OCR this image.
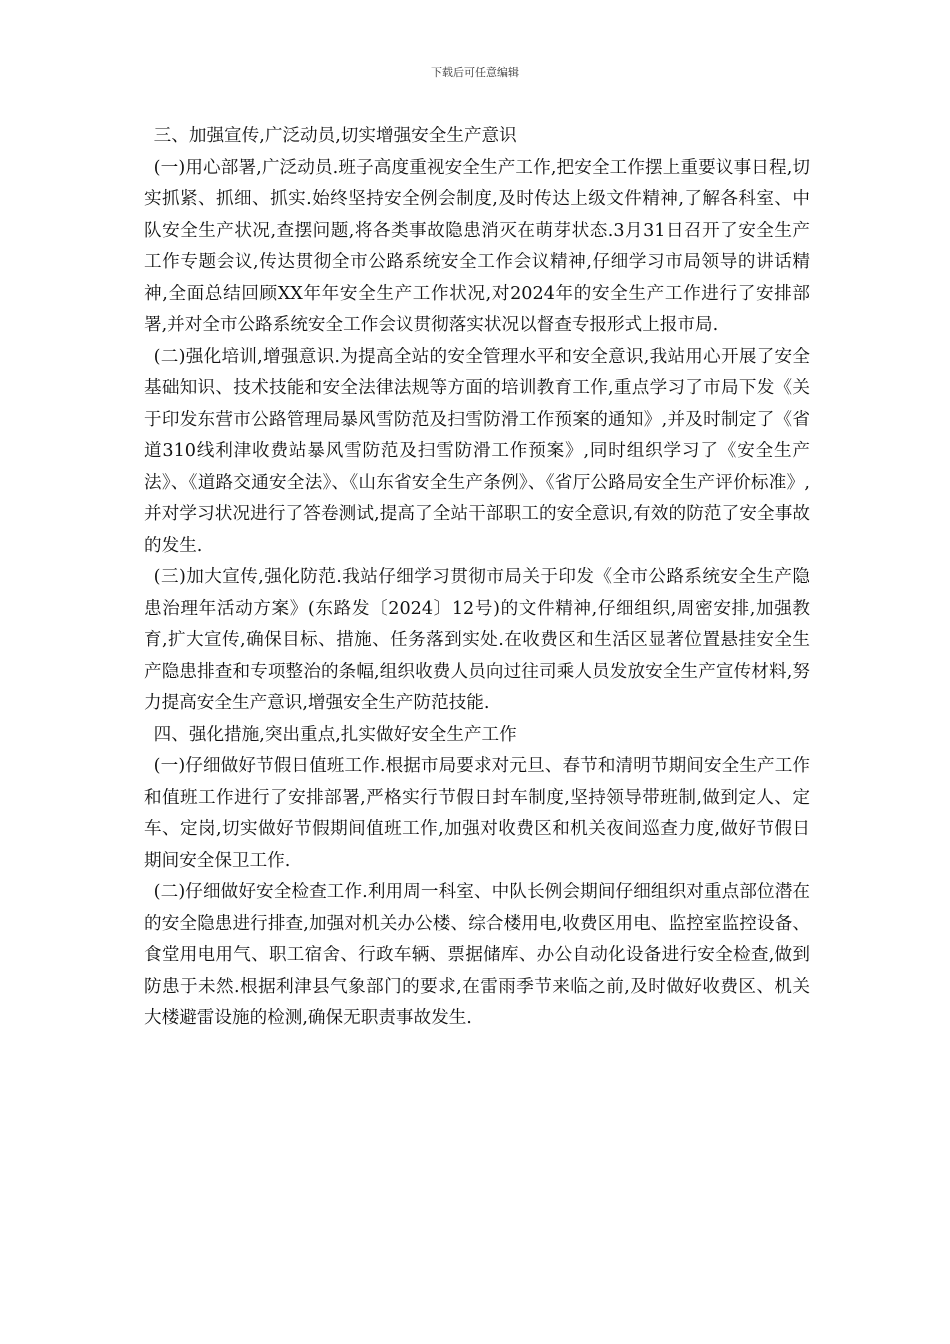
下载后可任意编辑

三、加强宣传,广泛动员,切实增强安全生产意识

(一)用心部署,广泛动员.班子高度重视安全生产工作,把安全工作摆上重要议事日程,切实抓紧、抓细、抓实.始终坚持安全例会制度,及时传达上级文件精神,了解各科室、中队安全生产状况,查摆问题,将各类事故隐患消灭在萌芽状态.3月31日召开了安全生产工作专题会议,传达贯彻全市公路系统安全工作会议精神,仔细学习市局领导的讲话精神,全面总结回顾XX年年安全生产工作状况,对2024年的安全生产工作进行了安排部署,并对全市公路系统安全工作会议贯彻落实状况以督查专报形式上报市局.

(二)强化培训,增强意识.为提高全站的安全管理水平和安全意识,我站用心开展了安全基础知识、技术技能和安全法律法规等方面的培训教育工作,重点学习了市局下发《关于印发东营市公路管理局暴风雪防范及扫雪防滑工作预案的通知》,并及时制定了《省道310线利津收费站暴风雪防范及扫雪防滑工作预案》,同时组织学习了《安全生产法》、《道路交通安全法》、《山东省安全生产条例》、《省厅公路局安全生产评价标准》,并对学习状况进行了答卷测试,提高了全站干部职工的安全意识,有效的防范了安全事故的发生.

(三)加大宣传,强化防范.我站仔细学习贯彻市局关于印发《全市公路系统安全生产隐患治理年活动方案》(东路发〔2024〕12号)的文件精神,仔细组织,周密安排,加强教育,扩大宣传,确保目标、措施、任务落到实处.在收费区和生活区显著位置悬挂安全生产隐患排查和专项整治的条幅,组织收费人员向过往司乘人员发放安全生产宣传材料,努力提高安全生产意识,增强安全生产防范技能.

四、强化措施,突出重点,扎实做好安全生产工作

(一)仔细做好节假日值班工作.根据市局要求对元旦、春节和清明节期间安全生产工作和值班工作进行了安排部署,严格实行节假日封车制度,坚持领导带班制,做到定人、定车、定岗,切实做好节假期间值班工作,加强对收费区和机关夜间巡查力度,做好节假日期间安全保卫工作.

(二)仔细做好安全检查工作.利用周一科室、中队长例会期间仔细组织对重点部位潜在的安全隐患进行排查,加强对机关办公楼、综合楼用电,收费区用电、监控室监控设备、食堂用电用气、职工宿舍、行政车辆、票据储库、办公自动化设备进行安全检查,做到防患于未然.根据利津县气象部门的要求,在雷雨季节来临之前,及时做好收费区、机关大楼避雷设施的检测,确保无职责事故发生.
